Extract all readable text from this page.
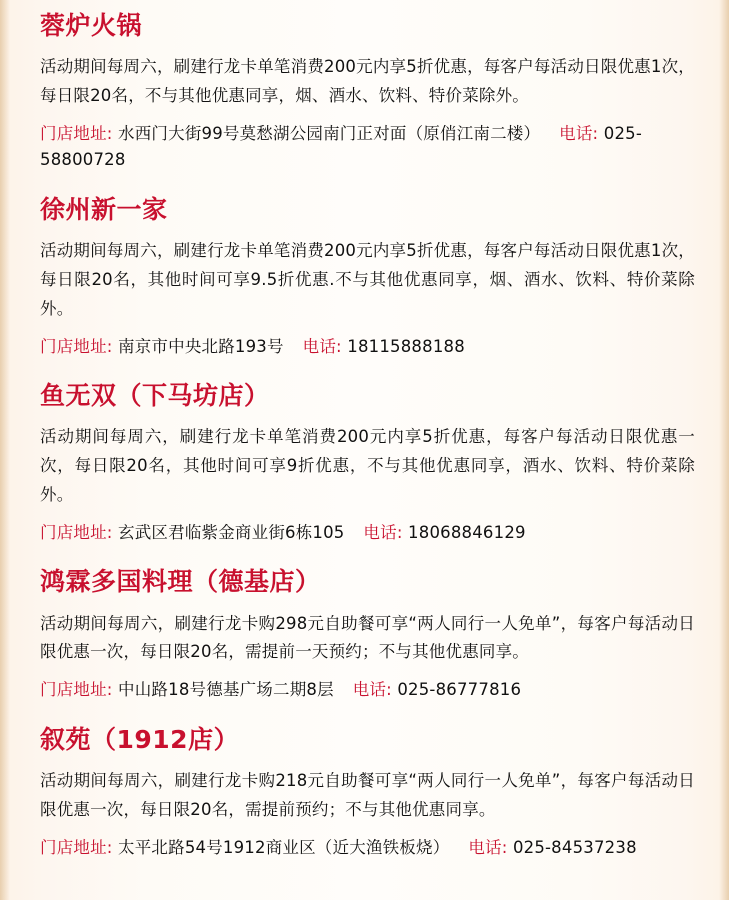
蓉炉火锅

活动期间每周六，刷建行龙卡单笔消费200元内享5折优惠，每客户每活动日限优惠1次，每日限20名，不与其他优惠同享，烟、酒水、饮料、特价菜除外。

门店地址: 水西门大街99号莫愁湖公园南门正对面（原俏江南二楼） 电话: 025-58800728
徐州新一家

活动期间每周六，刷建行龙卡单笔消费200元内享5折优惠，每客户每活动日限优惠1次，每日限20名，其他时间可享9.5折优惠.不与其他优惠同享，烟、酒水、饮料、特价菜除外。

门店地址: 南京市中央北路193号 电话: 18115888188
鱼无双（下马坊店）

活动期间每周六，刷建行龙卡单笔消费200元内享5折优惠，每客户每活动日限优惠一次，每日限20名，其他时间可享9折优惠，不与其他优惠同享，酒水、饮料、特价菜除外。

门店地址: 玄武区君临紫金商业街6栋105 电话: 18068846129
鸿霖多国料理（德基店）

活动期间每周六，刷建行龙卡购298元自助餐可享“两人同行一人免单”，每客户每活动日限优惠一次，每日限20名，需提前一天预约；不与其他优惠同享。

门店地址: 中山路18号德基广场二期8层 电话: 025-86777816
叙苑（1912店）

活动期间每周六，刷建行龙卡购218元自助餐可享“两人同行一人免单”，每客户每活动日限优惠一次，每日限20名，需提前预约；不与其他优惠同享。

门店地址: 太平北路54号1912商业区（近大渔铁板烧） 电话: 025-84537238
